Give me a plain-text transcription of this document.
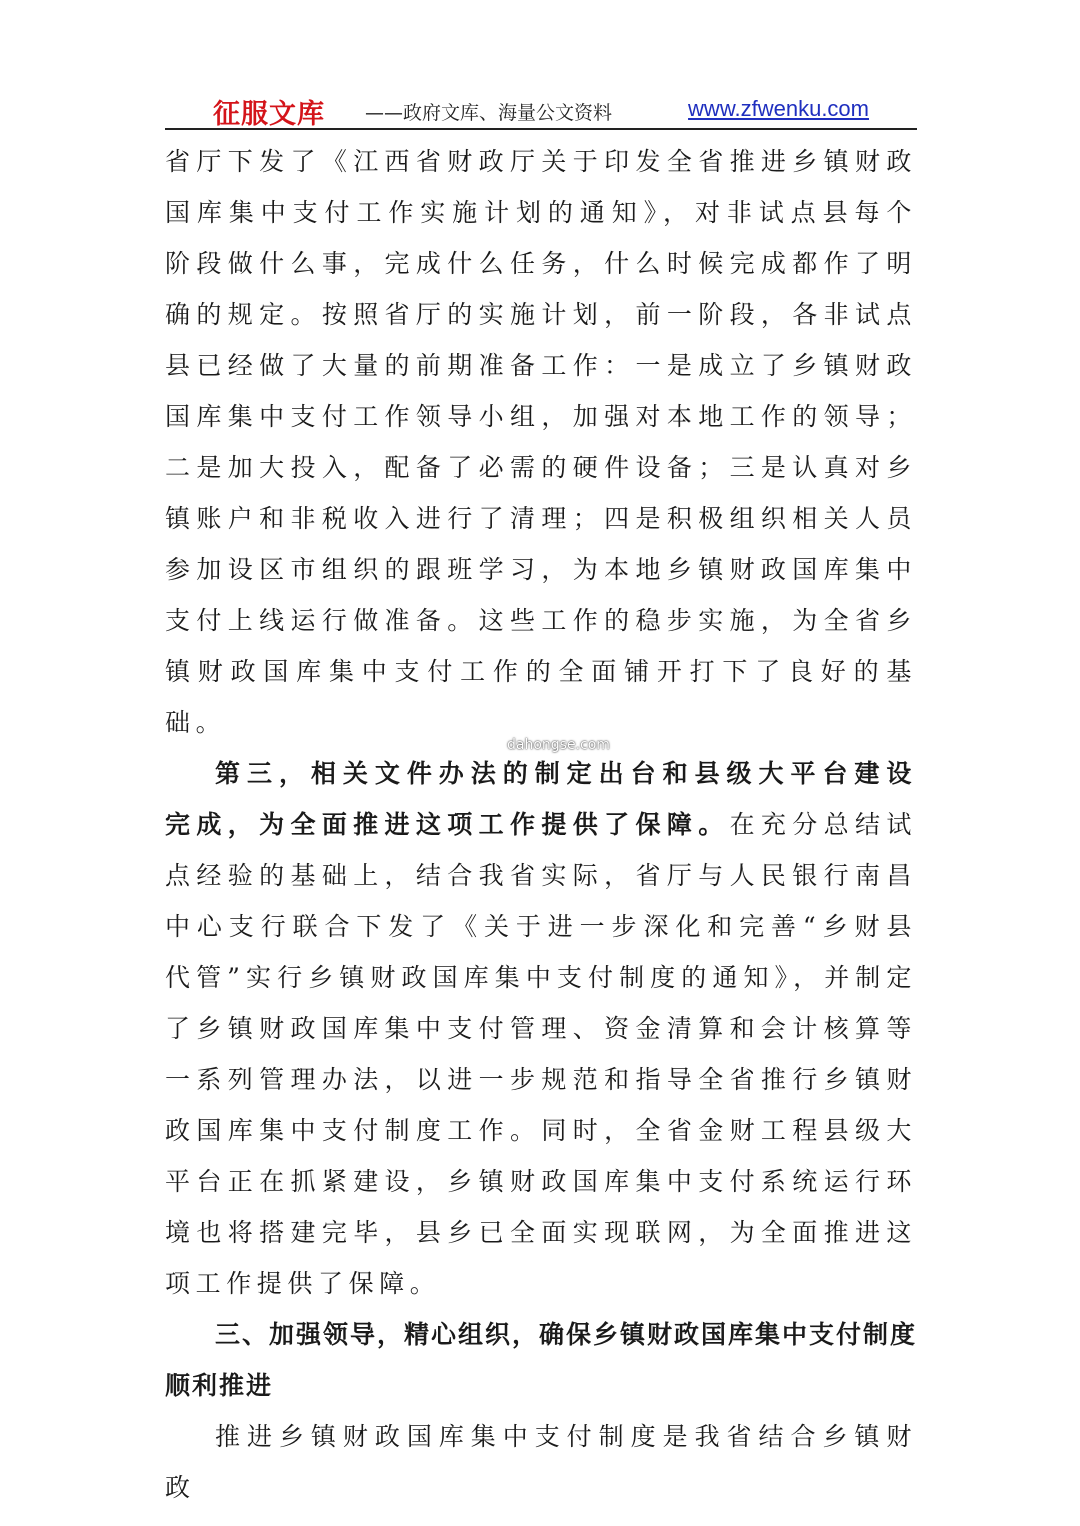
征服文库 ——政府文库、海量公文资料	www.zfwenku.com

省厅下发了《江西省财政厅关于印发全省推进乡镇财政国库集中支付工作实施计划的通知》，对非试点县每个阶段做什么事，完成什么任务，什么时候完成都作了明确的规定。按照省厅的实施计划，前一阶段，各非试点县已经做了大量的前期准备工作：一是成立了乡镇财政国库集中支付工作领导小组，加强对本地工作的领导；二是加大投入，配备了必需的硬件设备；三是认真对乡镇账户和非税收入进行了清理；四是积极组织相关人员参加设区市组织的跟班学习，为本地乡镇财政国库集中支付上线运行做准备。这些工作的稳步实施，为全省乡镇财政国库集中支付工作的全面铺开打下了良好的基础。

第三，相关文件办法的制定出台和县级大平台建设完成，为全面推进这项工作提供了保障。在充分总结试点经验的基础上，结合我省实际，省厅与人民银行南昌中心支行联合下发了《关于进一步深化和完善“乡财县代管”实行乡镇财政国库集中支付制度的通知》，并制定了乡镇财政国库集中支付管理、资金清算和会计核算等一系列管理办法，以进一步规范和指导全省推行乡镇财政国库集中支付制度工作。同时，全省金财工程县级大平台正在抓紧建设，乡镇财政国库集中支付系统运行环境也将搭建完毕，县乡已全面实现联网，为全面推进这项工作提供了保障。

三、加强领导，精心组织，确保乡镇财政国库集中支付制度顺利推进

推进乡镇财政国库集中支付制度是我省结合乡镇财政

dahongse.com
